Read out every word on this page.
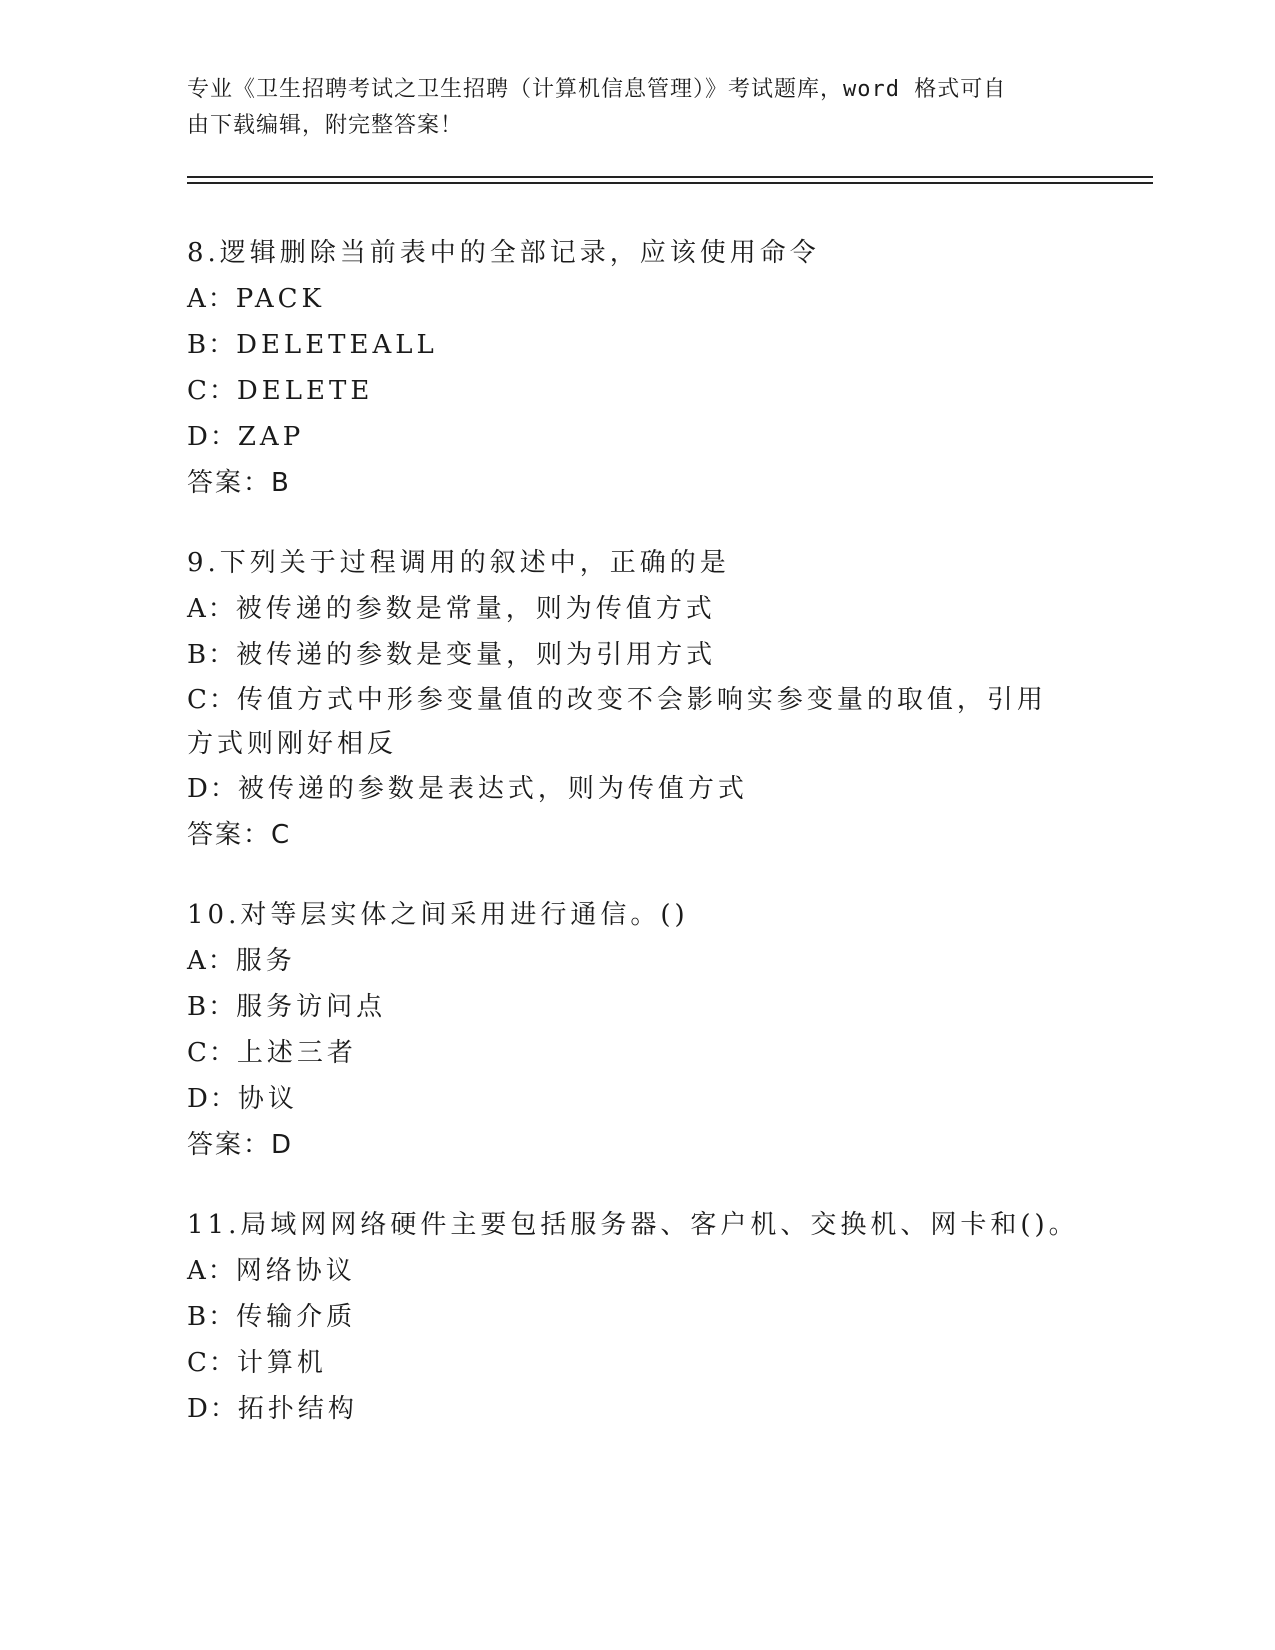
专业《卫生招聘考试之卫生招聘（计算机信息管理）》考试题库，word 格式可自
由下载编辑，附完整答案！
8.逻辑删除当前表中的全部记录，应该使用命令
A：PACK
B：DELETEALL
C：DELETE
D：ZAP
答案：B
9.下列关于过程调用的叙述中，正确的是
A：被传递的参数是常量，则为传值方式
B：被传递的参数是变量，则为引用方式
C：传值方式中形参变量值的改变不会影响实参变量的取值，引用方式则刚好相反
D：被传递的参数是表达式，则为传值方式
答案：C
10.对等层实体之间采用进行通信。()
A：服务
B：服务访问点
C：上述三者
D：协议
答案：D
11.局域网网络硬件主要包括服务器、客户机、交换机、网卡和()。
A：网络协议
B：传输介质
C：计算机
D：拓扑结构
